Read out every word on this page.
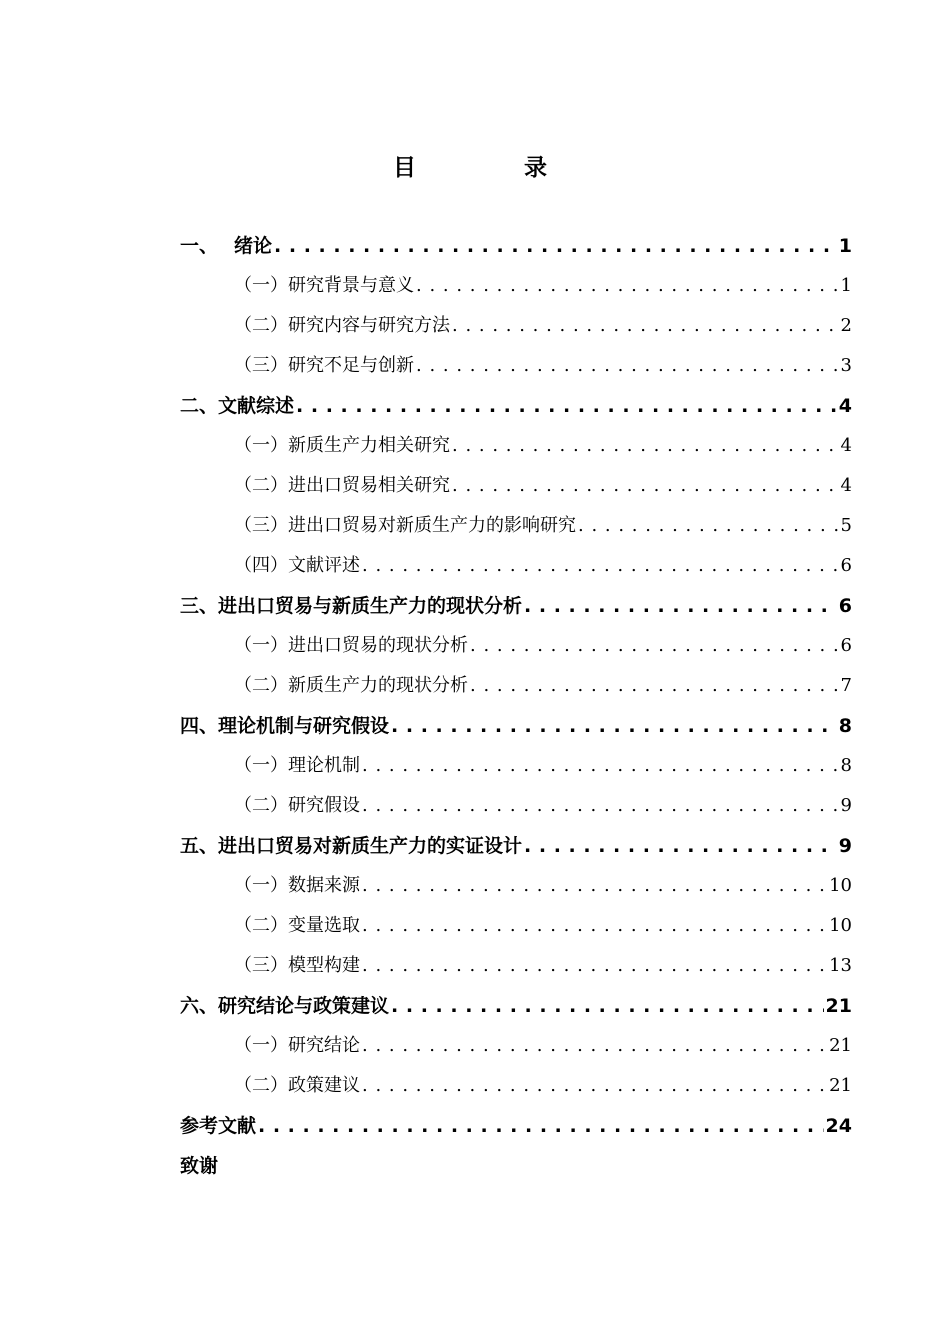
目 录
一、 绪论 . . .	1
（一） 研究背景与意义 . . .	1
（二） 研究内容与研究方法 . . .	2
（三） 研究不足与创新 . . .	3
二、 文献综述 . . .	4
（一） 新质生产力相关研究 . . .	4
（二） 进出口贸易相关研究 . . .	4
（三） 进出口贸易对新质生产力的影响研究 . . .	5
（四） 文献评述 . . .	6
三、 进出口贸易与新质生产力的现状分析 . . .	6
（一） 进出口贸易的现状分析 . . .	6
（二） 新质生产力的现状分析 . . .	7
四、 理论机制与研究假设 . . .	8
（一） 理论机制 . . .	8
（二） 研究假设 . . .	9
五、 进出口贸易对新质生产力的实证设计 . . .	9
（一） 数据来源 . . .	10
（二） 变量选取 . . .	10
（三） 模型构建 . . .	13
六、 研究结论与政策建议 . . .	21
（一） 研究结论 . . .	21
（二） 政策建议 . . .	21
参考文献 . . .	24
致谢
